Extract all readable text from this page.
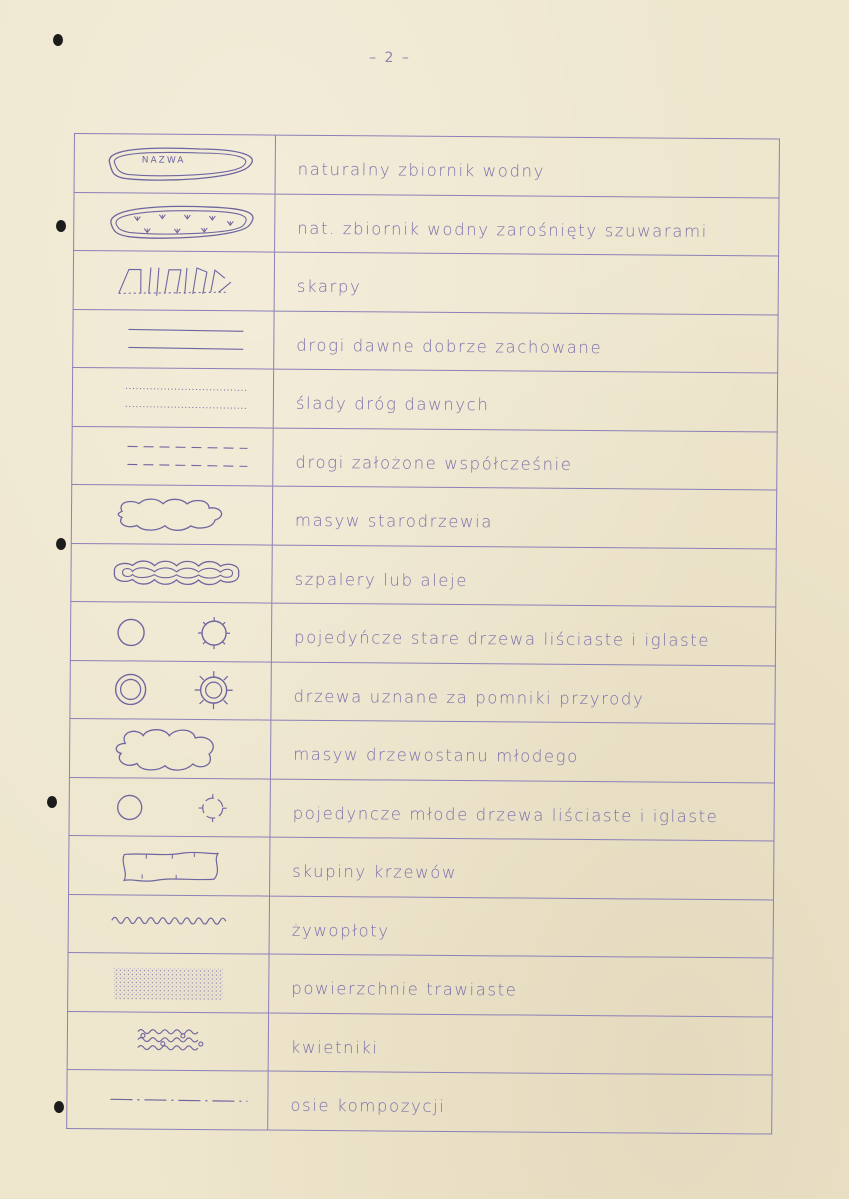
– 2 –
NAZWA	naturalny zbiornik wodny

	nat. zbiornik wodny zarośnięty szuwarami

	skarpy

	drogi dawne dobrze zachowane

	ślady dróg dawnych

	drogi założone współcześnie

	masyw starodrzewia

	szpalery lub aleje

	pojedyńcze stare drzewa liściaste i iglaste

	drzewa uznane za pomniki przyrody

	masyw drzewostanu młodego

	pojedyncze młode drzewa liściaste i iglaste

	skupiny krzewów

	żywopłoty

	powierzchnie trawiaste

	kwietniki

	osie kompozycji
